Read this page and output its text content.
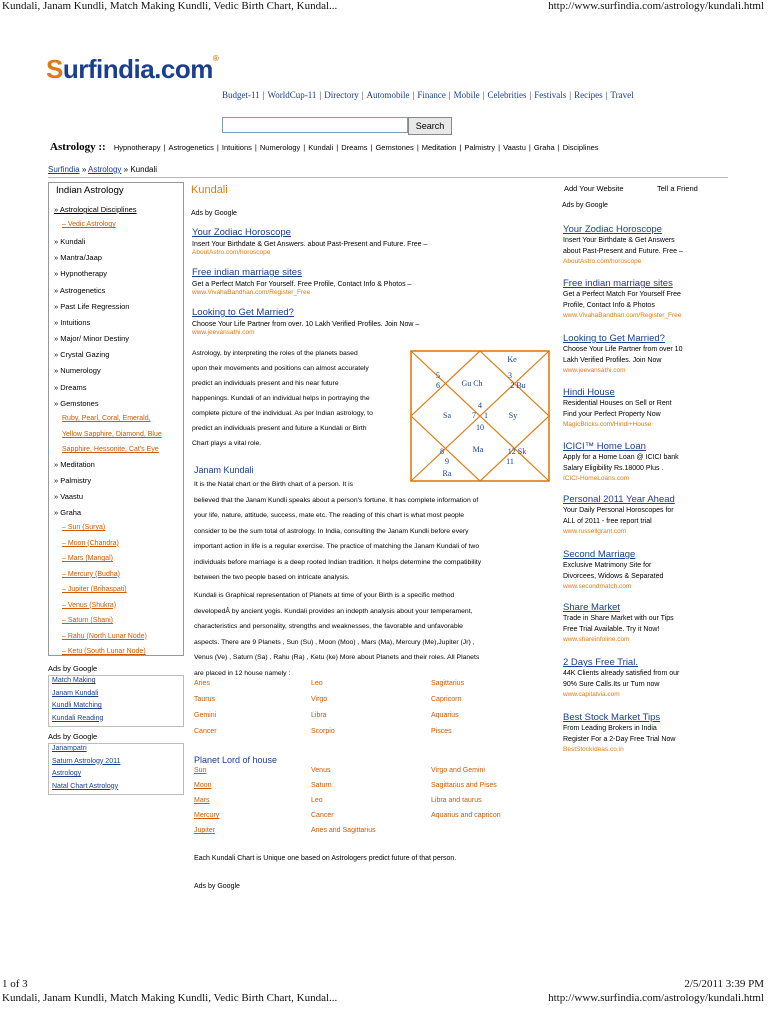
Kundali, Janam Kundli, Match Making Kundli, Vedic Birth Chart, Kundal...	http://www.surfindia.com/astrology/kundali.html
Surfindia.com®
Budget-11 | WorldCup-11 | Directory | Automobile | Finance | Mobile | Celebrities | Festivals | Recipes | Travel
Search
Astrology :: Hypnotherapy | Astrogenetics | Intuitions | Numerology | Kundali | Dreams | Gemstones | Meditation | Palmistry | Vaastu | Graha | Disciplines
Surfindia » Astrology » Kundali
Indian Astrology
» Astrological Disciplines
– Vedic Astrology
» Kundali
» Mantra/Jaap
» Hypnotherapy
» Astrogenetics
» Past Life Regression
» Intuitions
» Major/ Minor Destiny
» Crystal Gazing
» Numerology
» Dreams
» Gemstones
Ruby, Pearl, Coral, Emerald,
Yellow Sapphire, Diamond, Blue
Sapphire, Hessonite, Cat's Eye
» Meditation
» Palmistry
» Vaastu
» Graha
– Sun (Surya)
– Moon (Chandra)
– Mars (Mangal)
– Mercury (Budha)
– Jupiter (Brihaspati)
– Venus (Shukra)
– Saturn (Shani)
– Rahu (North Lunar Node)
– Ketu (South Lunar Node)
Ads by Google
Match Making
Janam Kundali
Kundli Matching
Kundali Reading
Ads by Google
Janampatri
Saturn Astrology 2011
Astrology
Natal Chart Astrology
Kundali
Ads by Google
Your Zodiac Horoscope
Insert Your Birthdate & Get Answers. about Past-Present and Future. Free –
AboutAstro.com/horoscope
Free indian marriage sites
Get a Perfect Match For Yourself. Free Profile, Contact Info & Photos –
www.VivahaBandhan.com/Register_Free
Looking to Get Married?
Choose Your Life Partner from over. 10 Lakh Verified Profiles. Join Now –
www.jeevansathi.com
Astrology, by interpreting the roles of the planets based
upon their movements and positions can almost accurately
predict an individuals present and his near future
happenings. Kundali of an individual helps in portraying the
complete picture of the individual. As per Indian astrology, to
predict an individuals present and future a Kundali or Birth
Chart plays a vital role.
Ke
5	3
6	Gu Ch	2 Bu
4
Sa	7 1	Sy
10
Ma
8	12 Sk
9	11
Ra
Janam Kundali
It is the Natal chart or the Birth chart of a person. It is
believed that the Janam Kundli speaks about a person's fortune. It has complete information of
your life, nature, attitude, success, mate etc. The reading of this chart is what most people
consider to be the sum total of astrology. In India, consulting the Janam Kundli before every
important action in life is a regular exercise. The practice of matching the Janam Kundali of two
individuals before marriage is a deep rooted Indian tradition. It helps determine the compatibility
between the two people based on intricate analysis.
Kundali is Graphical representation of Planets at time of your Birth is a specific method
developedÂ by ancient yogis. Kundali provides an indepth analysis about your temperament,
characteristics and personality, strengths and weaknesses, the favorable and unfavorable
aspects. There are 9 Planets , Sun (Su) , Moon (Moo) , Mars (Ma), Mercury (Me),Jupiter (Jr) ,
Venus (Ve) , Saturn (Sa) , Rahu (Ra) , Ketu (ke) More about Planets and their roles. All Planets
are placed in 12 house namely :
Aries	Leo	Sagittarius
Taurus	Virgo	Capricorn
Gemini	Libra	Aquarius
Cancer	Scorpio	Pisces
Planet Lord of house
Sun	Venus	Virgo and Gemini
Moon	Saturn	Sagittarius and Pises
Mars	Leo	Libra and taurus
Mercury	Cancer	Aquarius and capricon
Jupiter	Aries and Sagittarius
Each Kundali Chart is Unique one based on Astrologers predict future of that person.
Ads by Google
Add Your Website	Tell a Friend
Ads by Google
Your Zodiac Horoscope
Insert Your Birthdate & Get Answers
about Past-Present and Future. Free –
AboutAstro.com/horoscope
Free indian marriage sites
Get a Perfect Match For Yourself Free
Profile, Contact Info & Photos
www.VivahaBandhan.com/Register_Free
Looking to Get Married?
Choose Your Life Partner from over 10
Lakh Verified Profiles. Join Now
www.jeevansathi.com
Hindi House
Residential Houses on Sell or Rent
Find your Perfect Property Now
MagicBricks.com/Hindi+House
ICICI™ Home Loan
Apply for a Home Loan @ ICICI bank
Salary Eligibility Rs.18000 Plus .
ICICI-HomeLoans.com
Personal 2011 Year Ahead
Your Daily Personal Horoscopes for
ALL of 2011 - free report trial
www.russellgrant.com
Second Marriage
Exclusive Matrimony Site for
Divorcees, Widows & Separated
www.secondmatch.com
Share Market
Trade in Share Market with our Tips
Free Trial Available. Try it Now!
www.shareinfoline.com
2 Days Free Trial.
44K Clients already satisfied from our
90% Sure Calls.Its ur Turn now
www.capitalvia.com
Best Stock Market Tips
From Leading Brokers in India
Register For a 2-Day Free Trial Now
BestStockIdeas.co.in
1 of 3	2/5/2011 3:39 PM
Kundali, Janam Kundli, Match Making Kundli, Vedic Birth Chart, Kundal...	http://www.surfindia.com/astrology/kundali.html
